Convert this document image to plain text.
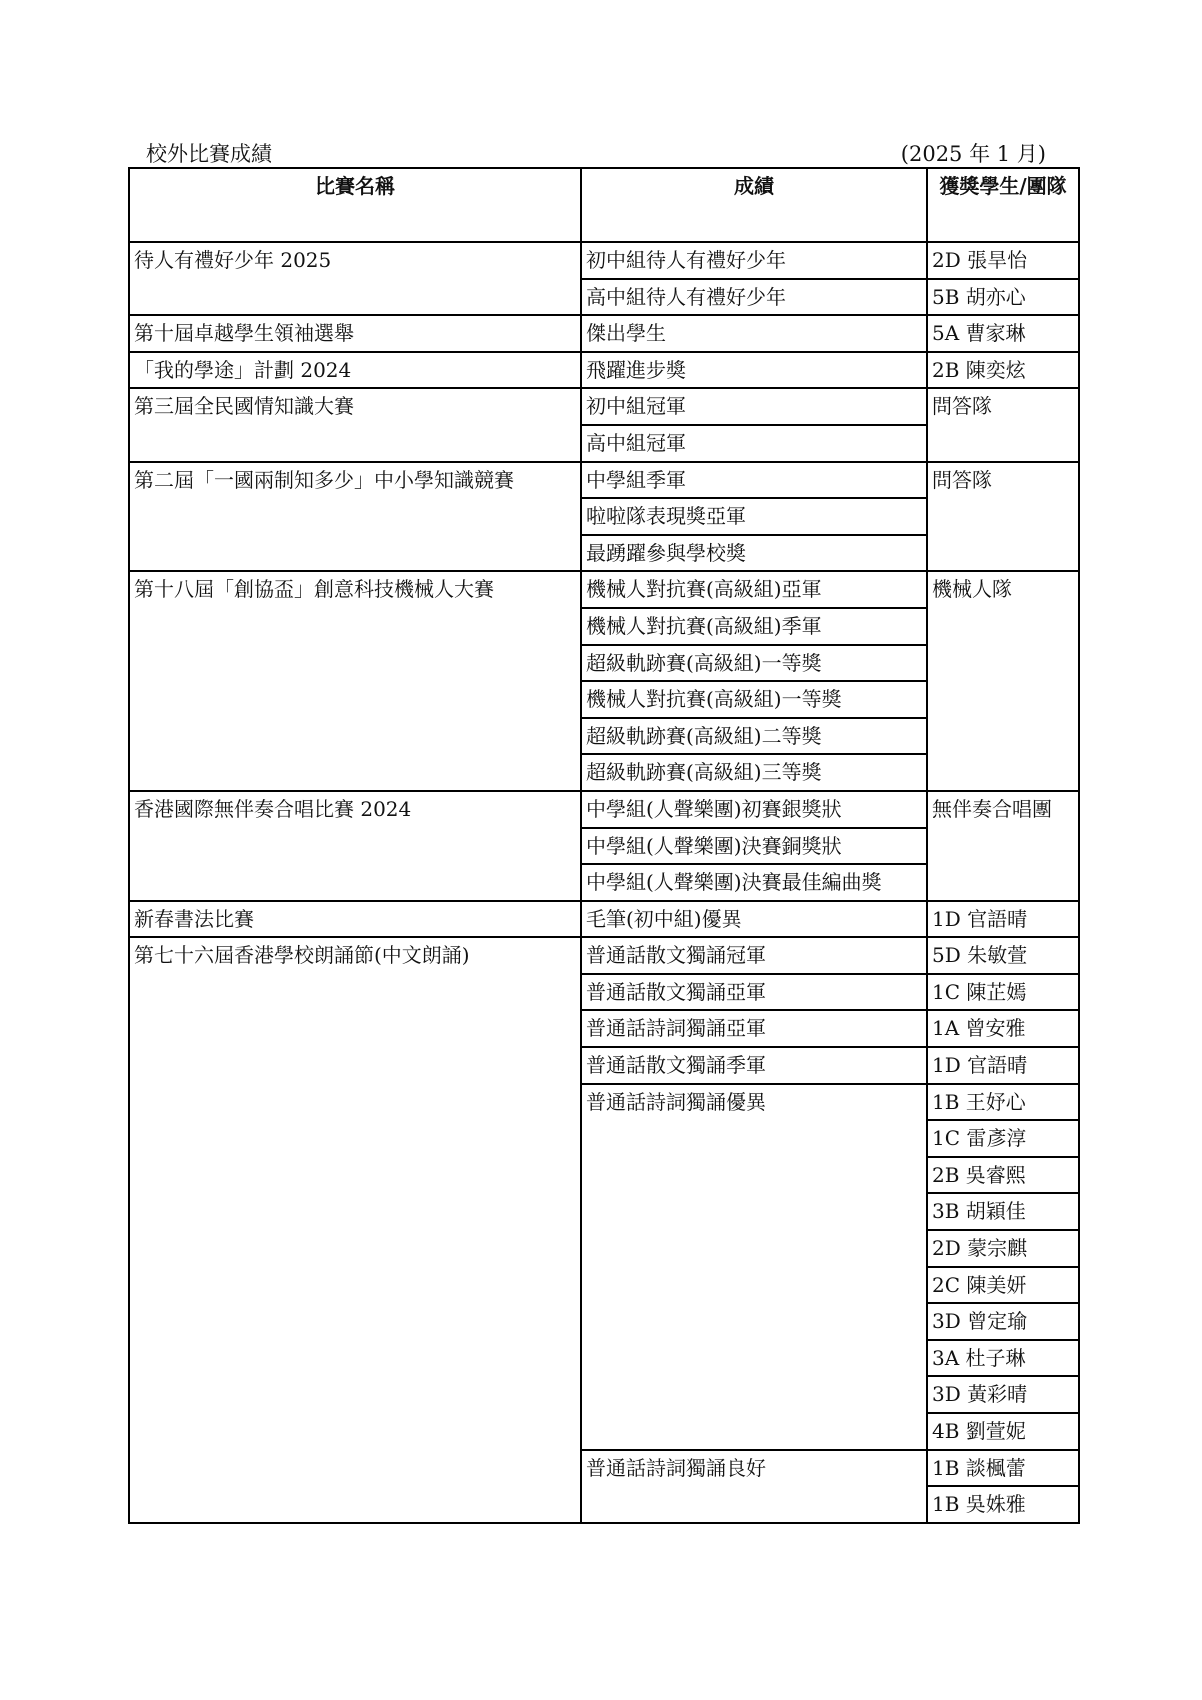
校外比賽成績	(2025 年 1 月)
比賽名稱	成績	獲獎學生/團隊
待人有禮好少年 2025	初中組待人有禮好少年	2D 張旱怡
	高中組待人有禮好少年	5B 胡亦心
第十屆卓越學生領袖選舉	傑出學生	5A 曹家琳
「我的學途」計劃 2024	飛躍進步獎	2B 陳奕炫
第三屆全民國情知識大賽	初中組冠軍	問答隊
	高中組冠軍	
第二屆「一國兩制知多少」中小學知識競賽	中學組季軍	問答隊
	啦啦隊表現獎亞軍	
	最踴躍參與學校獎	
第十八屆「創協盃」創意科技機械人大賽	機械人對抗賽(高級組)亞軍	機械人隊
	機械人對抗賽(高級組)季軍	
	超級軌跡賽(高級組)一等獎	
	機械人對抗賽(高級組)一等獎	
	超級軌跡賽(高級組)二等獎	
	超級軌跡賽(高級組)三等獎	
香港國際無伴奏合唱比賽 2024	中學組(人聲樂團)初賽銀獎狀	無伴奏合唱團
	中學組(人聲樂團)決賽銅獎狀	
	中學組(人聲樂團)決賽最佳編曲獎	
新春書法比賽	毛筆(初中組)優異	1D 官語晴
第七十六屆香港學校朗誦節(中文朗誦)	普通話散文獨誦冠軍	5D 朱敏萱
	普通話散文獨誦亞軍	1C 陳芷嫣
	普通話詩詞獨誦亞軍	1A 曾安雅
	普通話散文獨誦季軍	1D 官語晴
	普通話詩詞獨誦優異	1B 王妤心
		1C 雷彥淳
		2B 吳睿熙
		3B 胡穎佳
		2D 蒙宗麒
		2C 陳美妍
		3D 曾定瑜
		3A 杜子琳
		3D 黃彩晴
		4B 劉萱妮
	普通話詩詞獨誦良好	1B 談楓蕾
		1B 吳姝雅
